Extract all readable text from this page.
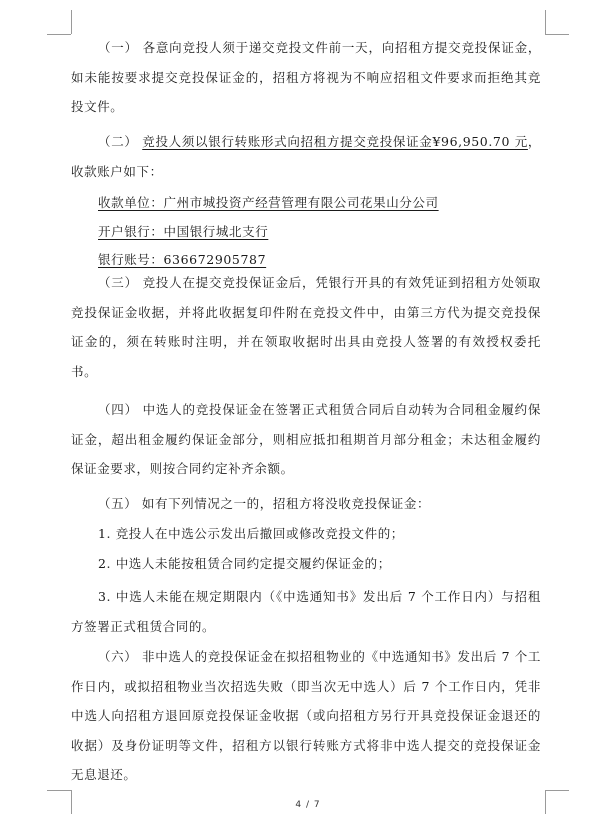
（一） 各意向竞投人须于递交竞投文件前一天，向招租方提交竞投保证金，如未能按要求提交竞投保证金的，招租方将视为不响应招租文件要求而拒绝其竞投文件。

（二） 竞投人须以银行转账形式向招租方提交竞投保证金¥96,950.70 元，收款账户如下：

收款单位：广州市城投资产经营管理有限公司花果山分公司
开户银行：中国银行城北支行
银行账号：636672905787

（三） 竞投人在提交竞投保证金后，凭银行开具的有效凭证到招租方处领取竞投保证金收据，并将此收据复印件附在竞投文件中，由第三方代为提交竞投保证金的，须在转账时注明，并在领取收据时出具由竞投人签署的有效授权委托书。

（四） 中选人的竞投保证金在签署正式租赁合同后自动转为合同租金履约保证金，超出租金履约保证金部分，则相应抵扣租期首月部分租金；未达租金履约保证金要求，则按合同约定补齐余额。

（五） 如有下列情况之一的，招租方将没收竞投保证金：

1. 竞投人在中选公示发出后撤回或修改竞投文件的；

2. 中选人未能按租赁合同约定提交履约保证金的；

3. 中选人未能在规定期限内（《中选通知书》发出后 7 个工作日内）与招租方签署正式租赁合同的。

（六） 非中选人的竞投保证金在拟招租物业的《中选通知书》发出后 7 个工作日内，或拟招租物业当次招选失败（即当次无中选人）后 7 个工作日内，凭非中选人向招租方退回原竞投保证金收据（或向招租方另行开具竞投保证金退还的收据）及身份证明等文件，招租方以银行转账方式将非中选人提交的竞投保证金无息退还。

4 / 7
